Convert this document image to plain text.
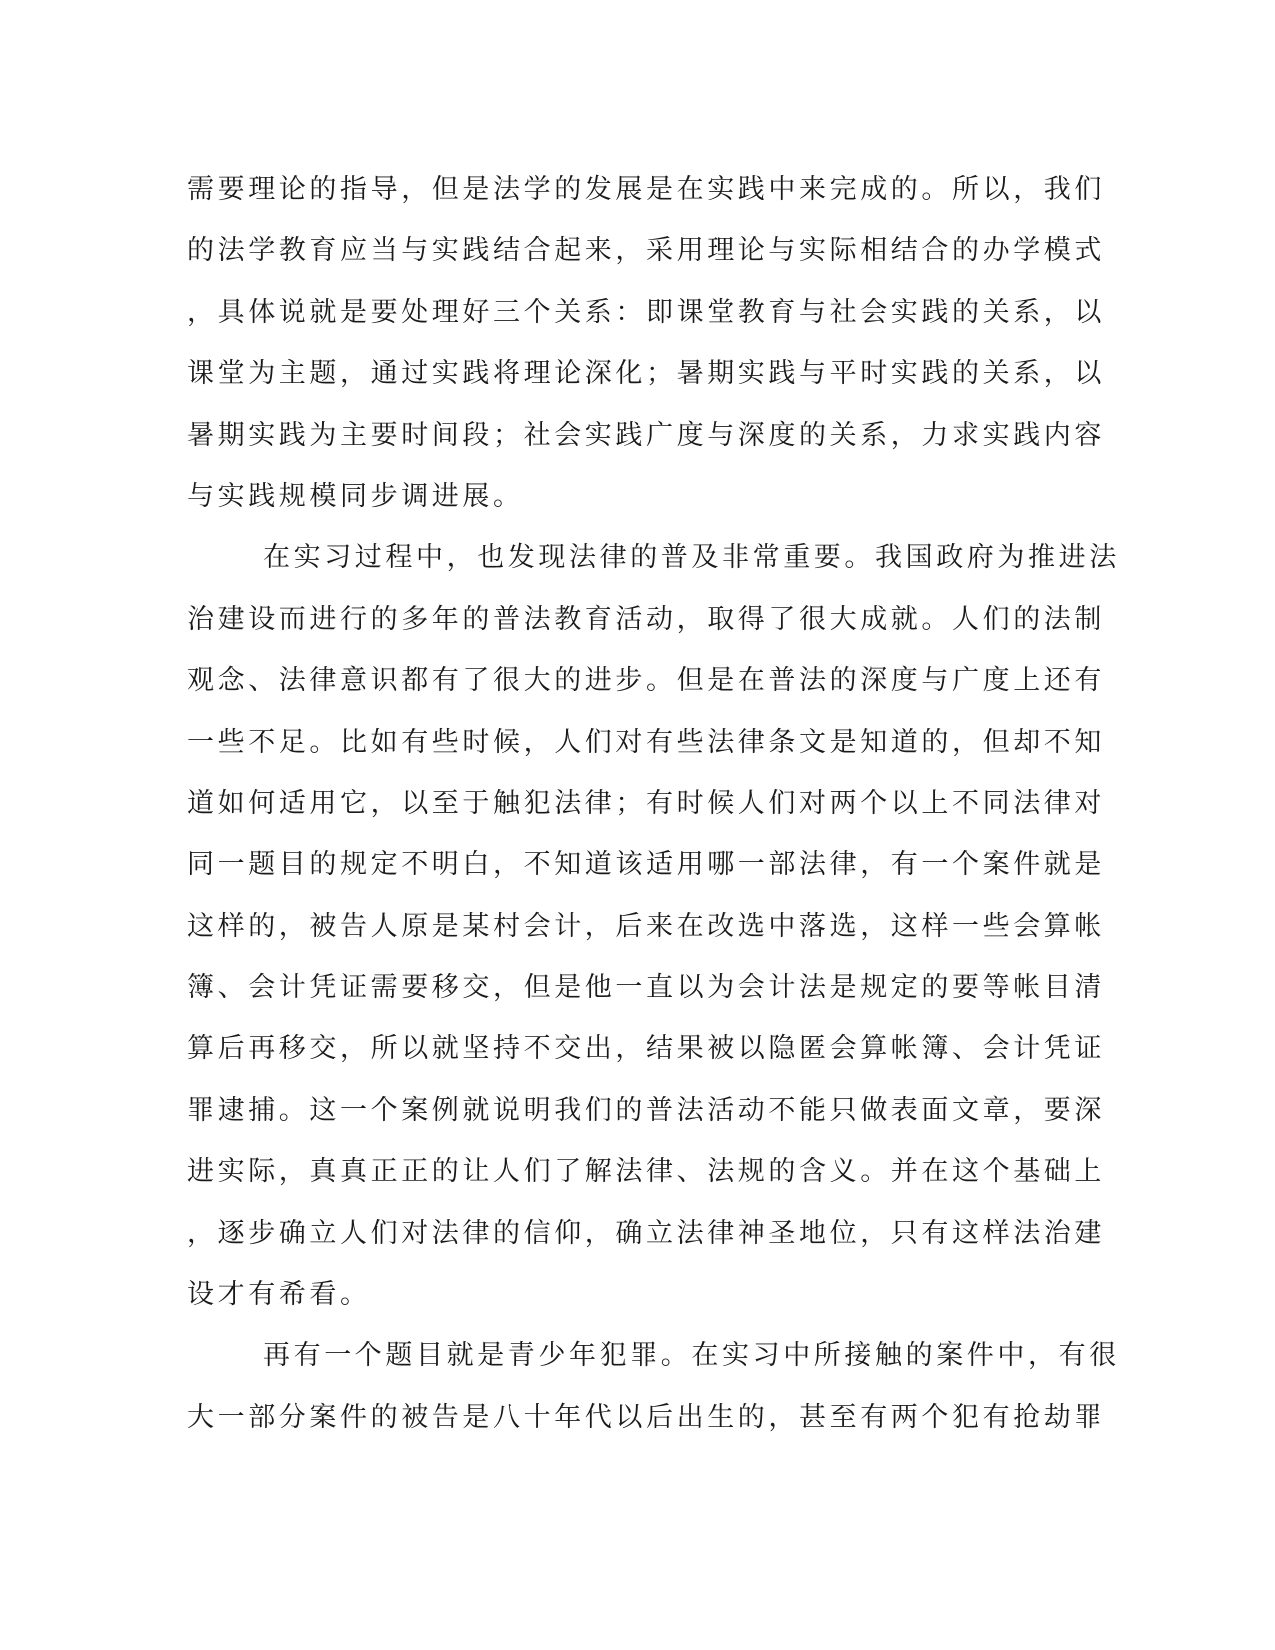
需要理论的指导，但是法学的发展是在实践中来完成的。所以，我们
的法学教育应当与实践结合起来，采用理论与实际相结合的办学模式
，具体说就是要处理好三个关系：即课堂教育与社会实践的关系，以
课堂为主题，通过实践将理论深化；暑期实践与平时实践的关系，以
暑期实践为主要时间段；社会实践广度与深度的关系，力求实践内容
与实践规模同步调进展。
在实习过程中，也发现法律的普及非常重要。我国政府为推进法
治建设而进行的多年的普法教育活动，取得了很大成就。人们的法制
观念、法律意识都有了很大的进步。但是在普法的深度与广度上还有
一些不足。比如有些时候，人们对有些法律条文是知道的，但却不知
道如何适用它，以至于触犯法律；有时候人们对两个以上不同法律对
同一题目的规定不明白，不知道该适用哪一部法律，有一个案件就是
这样的，被告人原是某村会计，后来在改选中落选，这样一些会算帐
簿、会计凭证需要移交，但是他一直以为会计法是规定的要等帐目清
算后再移交，所以就坚持不交出，结果被以隐匿会算帐簿、会计凭证
罪逮捕。这一个案例就说明我们的普法活动不能只做表面文章，要深
进实际，真真正正的让人们了解法律、法规的含义。并在这个基础上
，逐步确立人们对法律的信仰，确立法律神圣地位，只有这样法治建
设才有希看。
再有一个题目就是青少年犯罪。在实习中所接触的案件中，有很
大一部分案件的被告是八十年代以后出生的，甚至有两个犯有抢劫罪
